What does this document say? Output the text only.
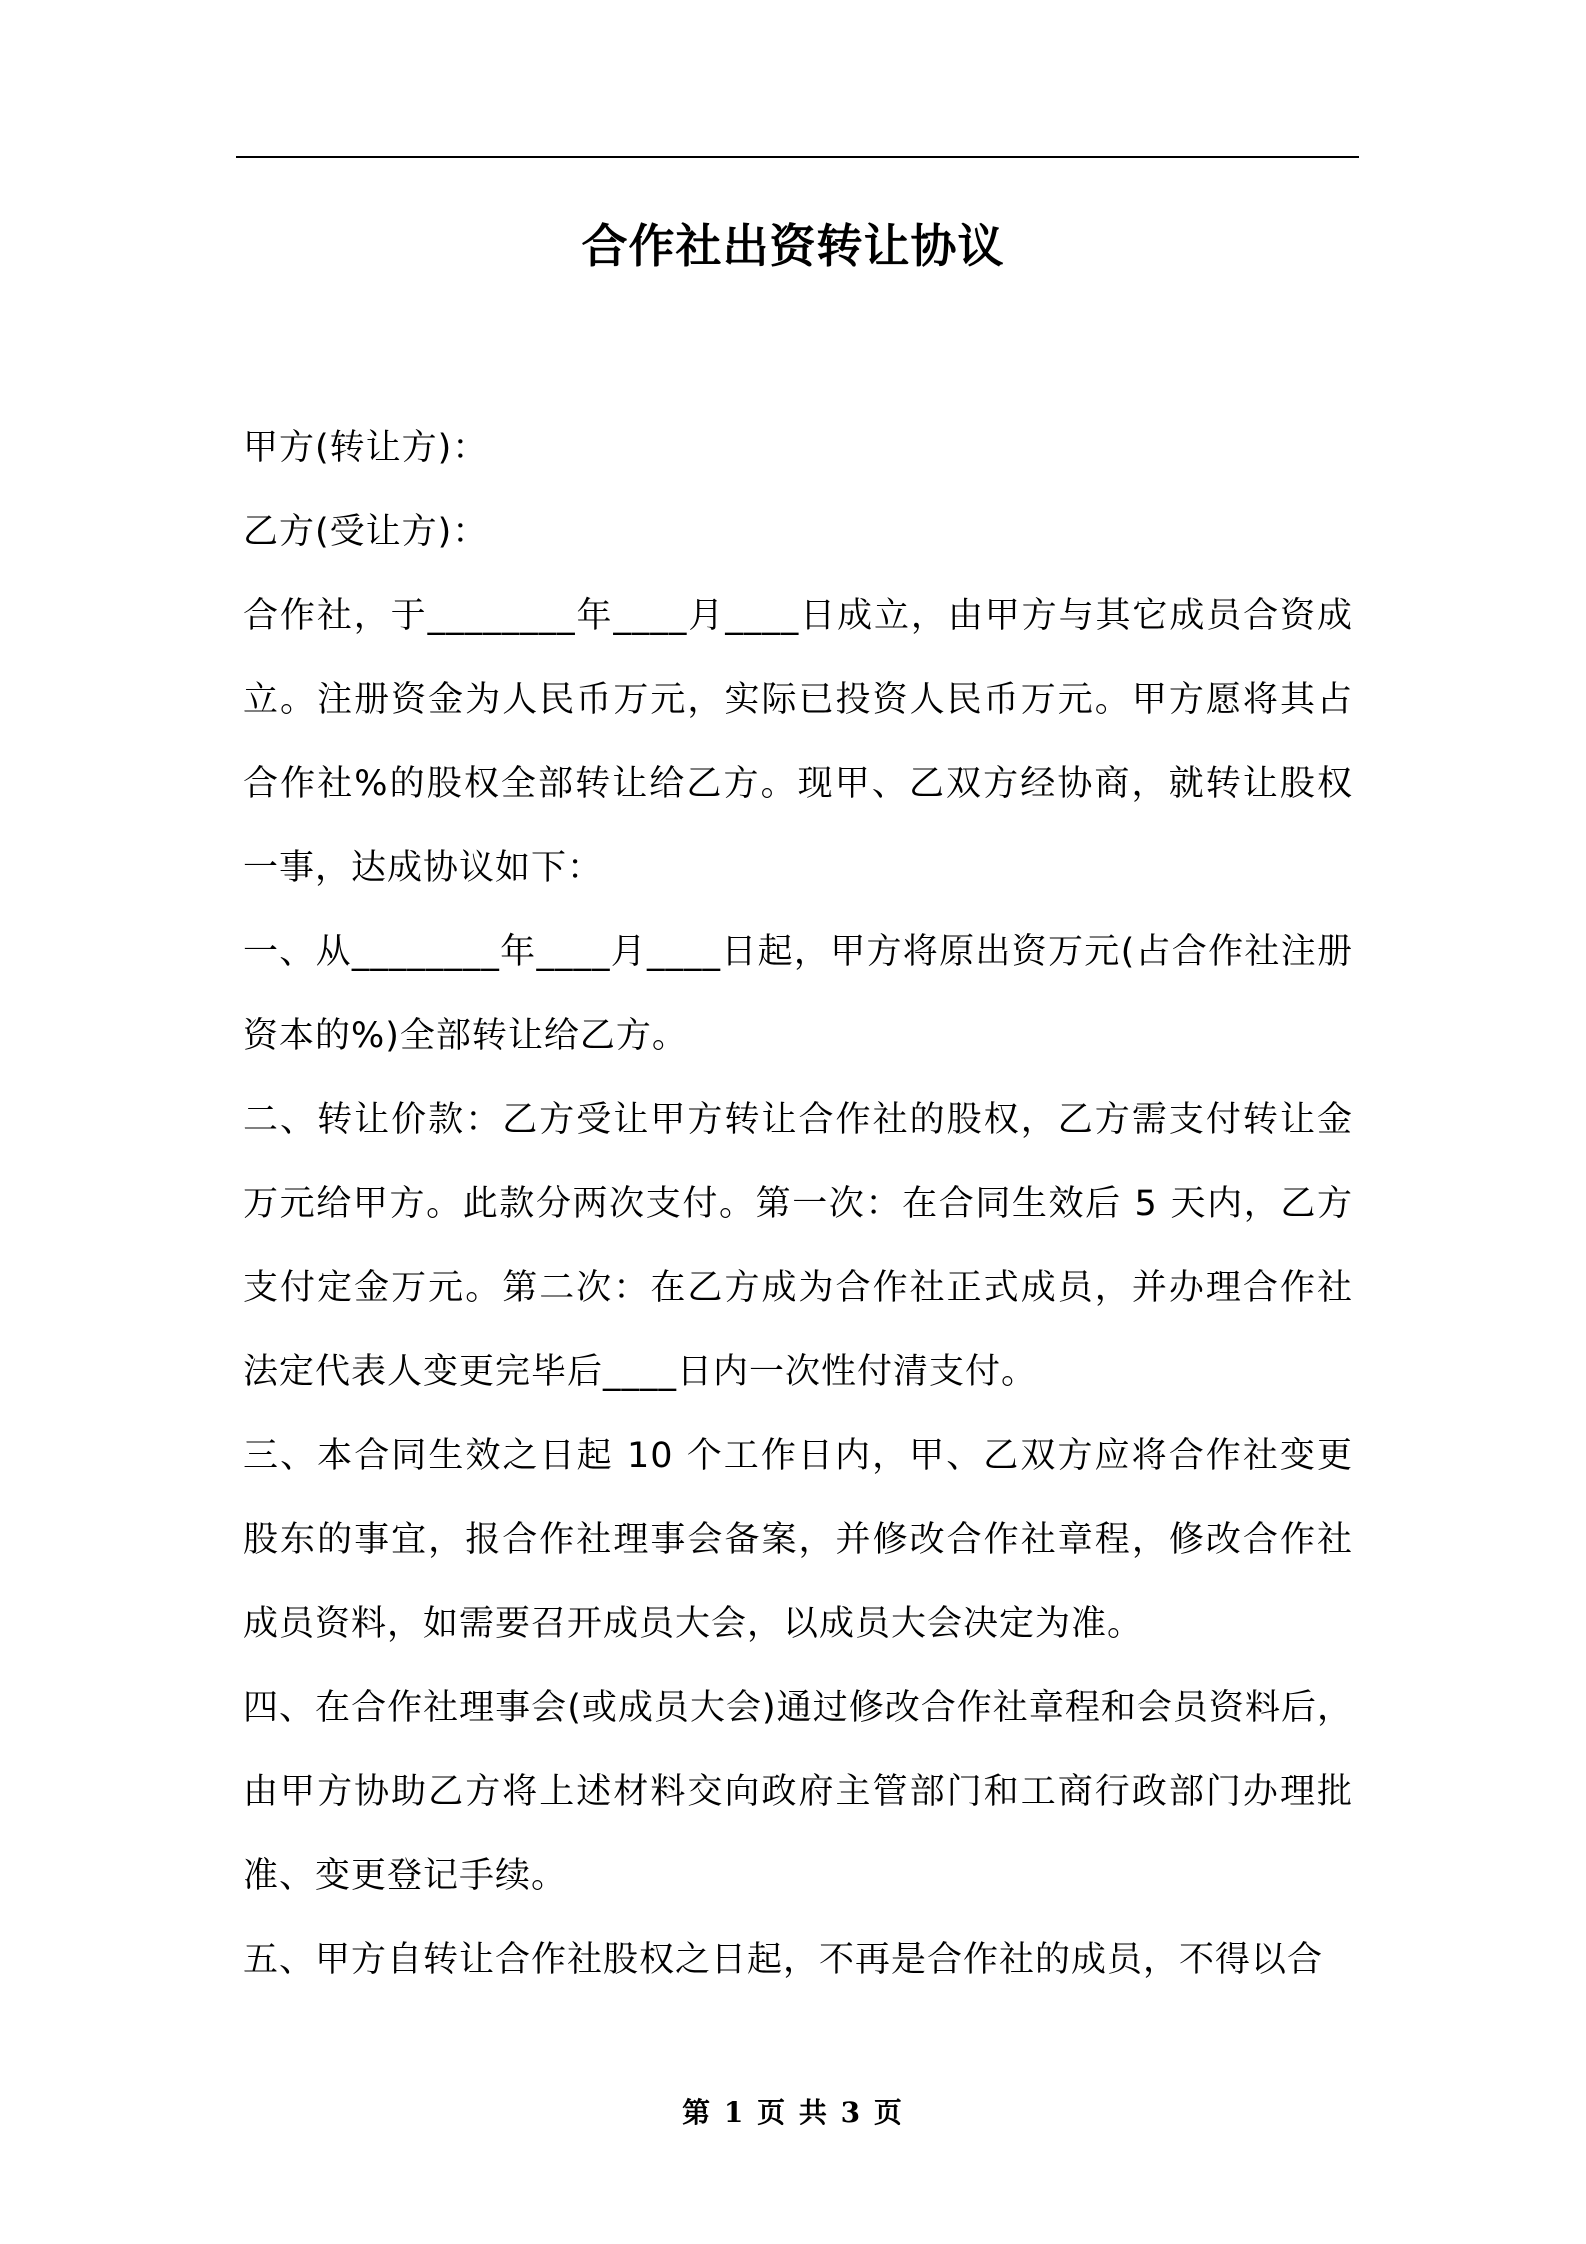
合作社出资转让协议

甲方(转让方)：

乙方(受让方)：

合作社，于________年____月____日成立，由甲方与其它成员合资成立。注册资金为人民币万元，实际已投资人民币万元。甲方愿将其占合作社%的股权全部转让给乙方。现甲、乙双方经协商，就转让股权一事，达成协议如下：

一、从________年____月____日起，甲方将原出资万元(占合作社注册资本的%)全部转让给乙方。

二、转让价款：乙方受让甲方转让合作社的股权，乙方需支付转让金万元给甲方。此款分两次支付。第一次：在合同生效后 5 天内，乙方支付定金万元。第二次：在乙方成为合作社正式成员，并办理合作社法定代表人变更完毕后____日内一次性付清支付。

三、本合同生效之日起 10 个工作日内，甲、乙双方应将合作社变更股东的事宜，报合作社理事会备案，并修改合作社章程，修改合作社成员资料，如需要召开成员大会，以成员大会决定为准。

四、在合作社理事会(或成员大会)通过修改合作社章程和会员资料后，由甲方协助乙方将上述材料交向政府主管部门和工商行政部门办理批准、变更登记手续。

五、甲方自转让合作社股权之日起，不再是合作社的成员，不得以合

第 1 页 共 3 页
